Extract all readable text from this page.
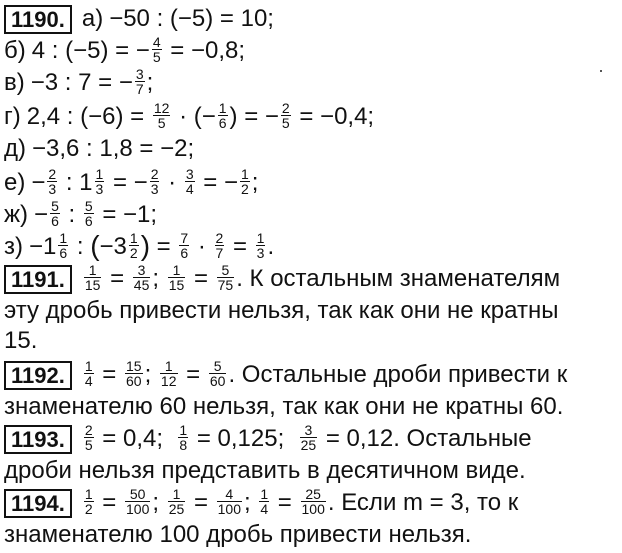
1190. а) −50 : (−5) = 10;
б) 4 : (−5) = − $\frac{4}{5} = -0,8$;
в) −3 : 7 = − $\frac{3}{7}$ ;
г) 2,4 : $(-6) = \frac{12}{5}$ · (− $\frac{1}{6}$ ) = − $\frac{2}{5} = -0,4$;
д) −3,6 : 1,8 = −2;
$е) - \frac{2}{3}$ : $1 \frac{1}{3}$ = − $\frac{2}{3} \cdot \frac{3}{4}$ = − $\frac{1}{2}$ ;
$ж) - \frac{5}{6}$ : $\frac{5}{6} = -1$;
$з) -1 \frac{1}{6}$ : ($-3 \frac{1}{2}$ ) = $\frac{7}{6} \cdot \frac{2}{7} = \frac{1}{3}$ .
1191. $\frac{1}{15} = \frac{3}{45}$ ; $\frac{1}{15} = \frac{5}{75}$ . К остальным знаменателям
эту дробь привести нельзя, так как они не кратны
15.
1192. $\frac{1}{4} = \frac{15}{60}$ ; $\frac{1}{12} = \frac{5}{60}$ . Остальные дроби привести к
знаменателю 60 нельзя, так как они не кратны 60.
1193. $\frac{2}{5} = 0,4$; $\frac{1}{8} = 0,125$; $\frac{3}{25} = 0,12$. Остальные
дроби нельзя представить в десятичном виде.
1194. $\frac{1}{2} = \frac{50}{100}$ ; $\frac{1}{25} = \frac{4}{100}$ ; $\frac{1}{4} = \frac{25}{100}$ . Если m = 3, то к
знаменателю 100 дробь привести нельзя.
